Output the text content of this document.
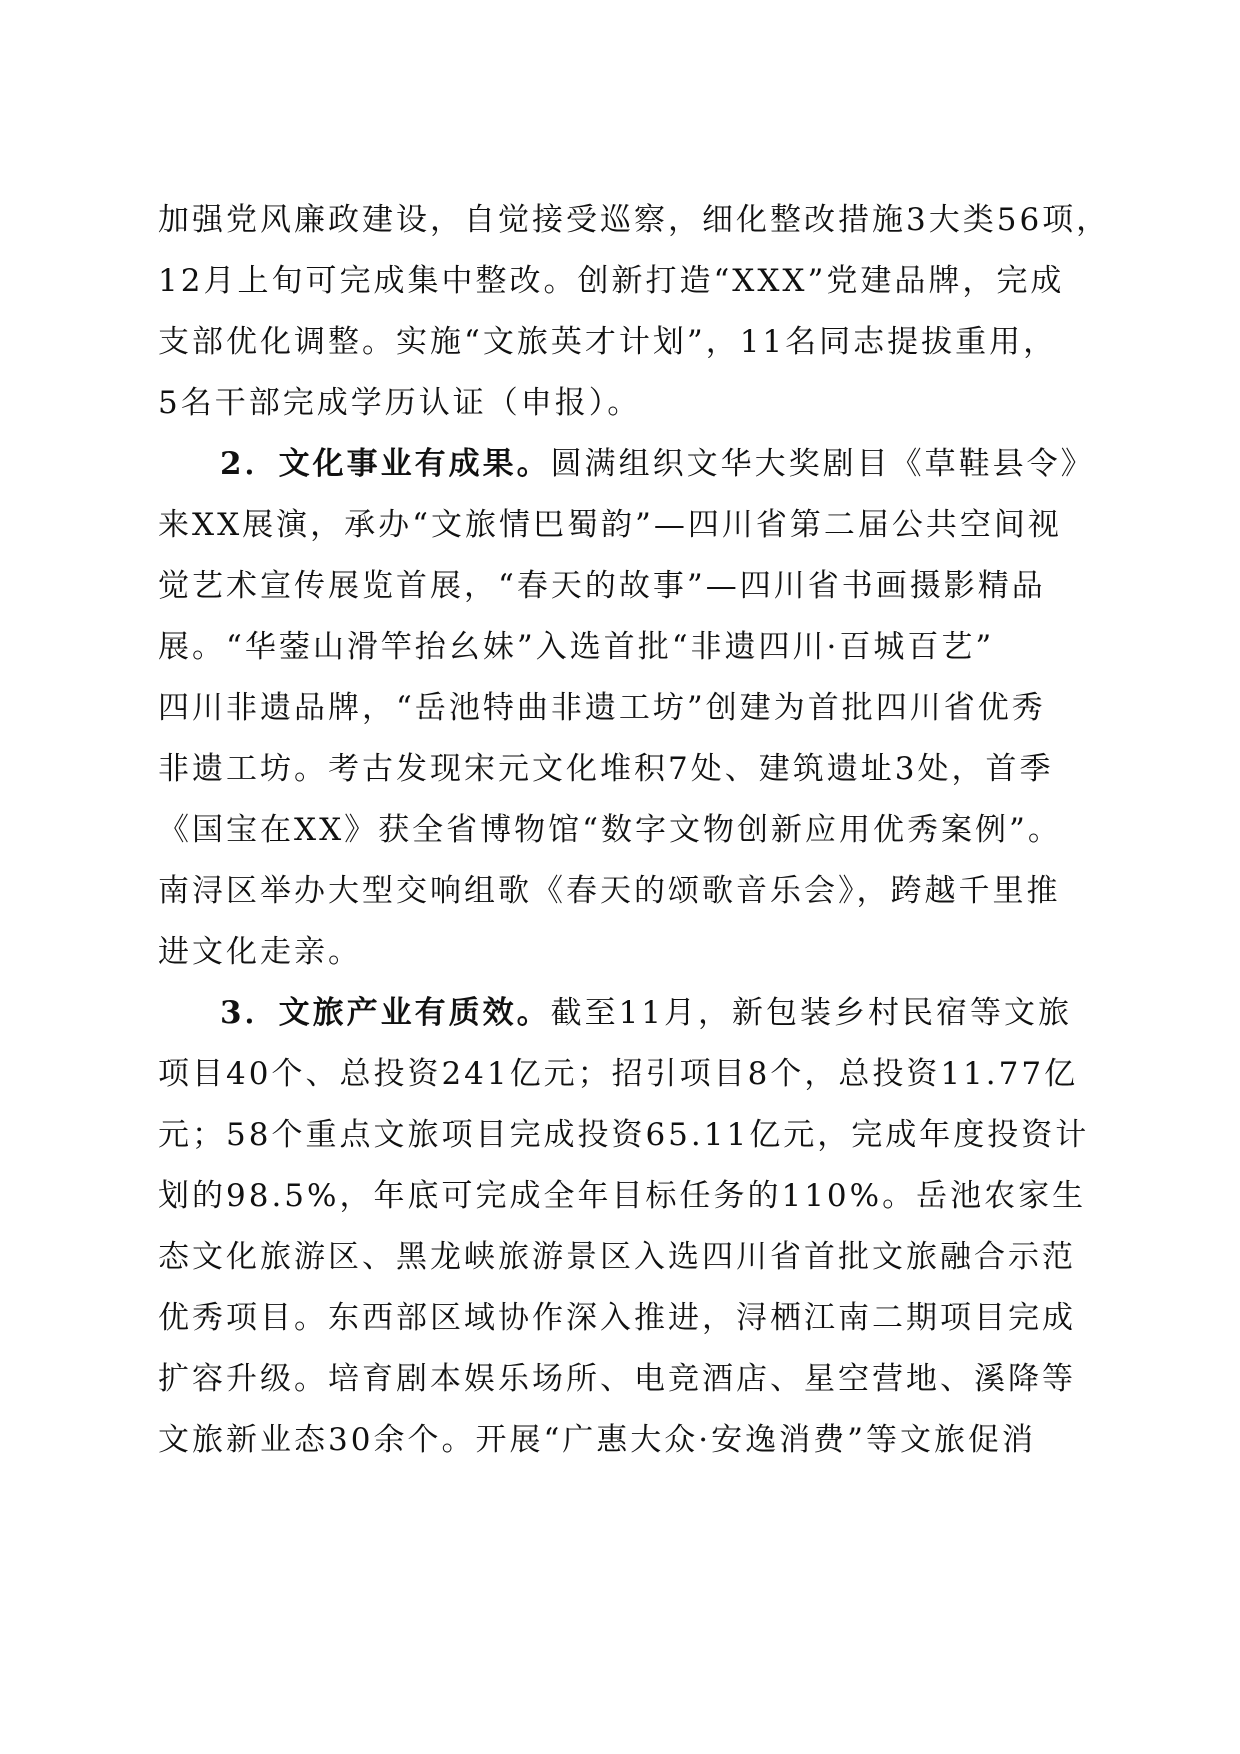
加强党风廉政建设，自觉接受巡察，细化整改措施3大类56项，
12月上旬可完成集中整改。创新打造“XXX”党建品牌，完成
支部优化调整。实施“文旅英才计划”，11名同志提拔重用，
5名干部完成学历认证（申报）。
2．文化事业有成果。圆满组织文华大奖剧目《草鞋县令》
来XX展演，承办“文旅情巴蜀韵”—四川省第二届公共空间视
觉艺术宣传展览首展，“春天的故事”—四川省书画摄影精品
展。“华蓥山滑竿抬幺妹”入选首批“非遗四川·百城百艺”
四川非遗品牌，“岳池特曲非遗工坊”创建为首批四川省优秀
非遗工坊。考古发现宋元文化堆积7处、建筑遗址3处，首季
《国宝在XX》获全省博物馆“数字文物创新应用优秀案例”。
南浔区举办大型交响组歌《春天的颂歌音乐会》，跨越千里推
进文化走亲。
3．文旅产业有质效。截至11月，新包装乡村民宿等文旅
项目40个、总投资241亿元；招引项目8个，总投资11.77亿
元；58个重点文旅项目完成投资65.11亿元，完成年度投资计
划的98.5%，年底可完成全年目标任务的110%。岳池农家生
态文化旅游区、黑龙峡旅游景区入选四川省首批文旅融合示范
优秀项目。东西部区域协作深入推进，浔栖江南二期项目完成
扩容升级。培育剧本娱乐场所、电竞酒店、星空营地、溪降等
文旅新业态30余个。开展“广惠大众·安逸消费”等文旅促消
